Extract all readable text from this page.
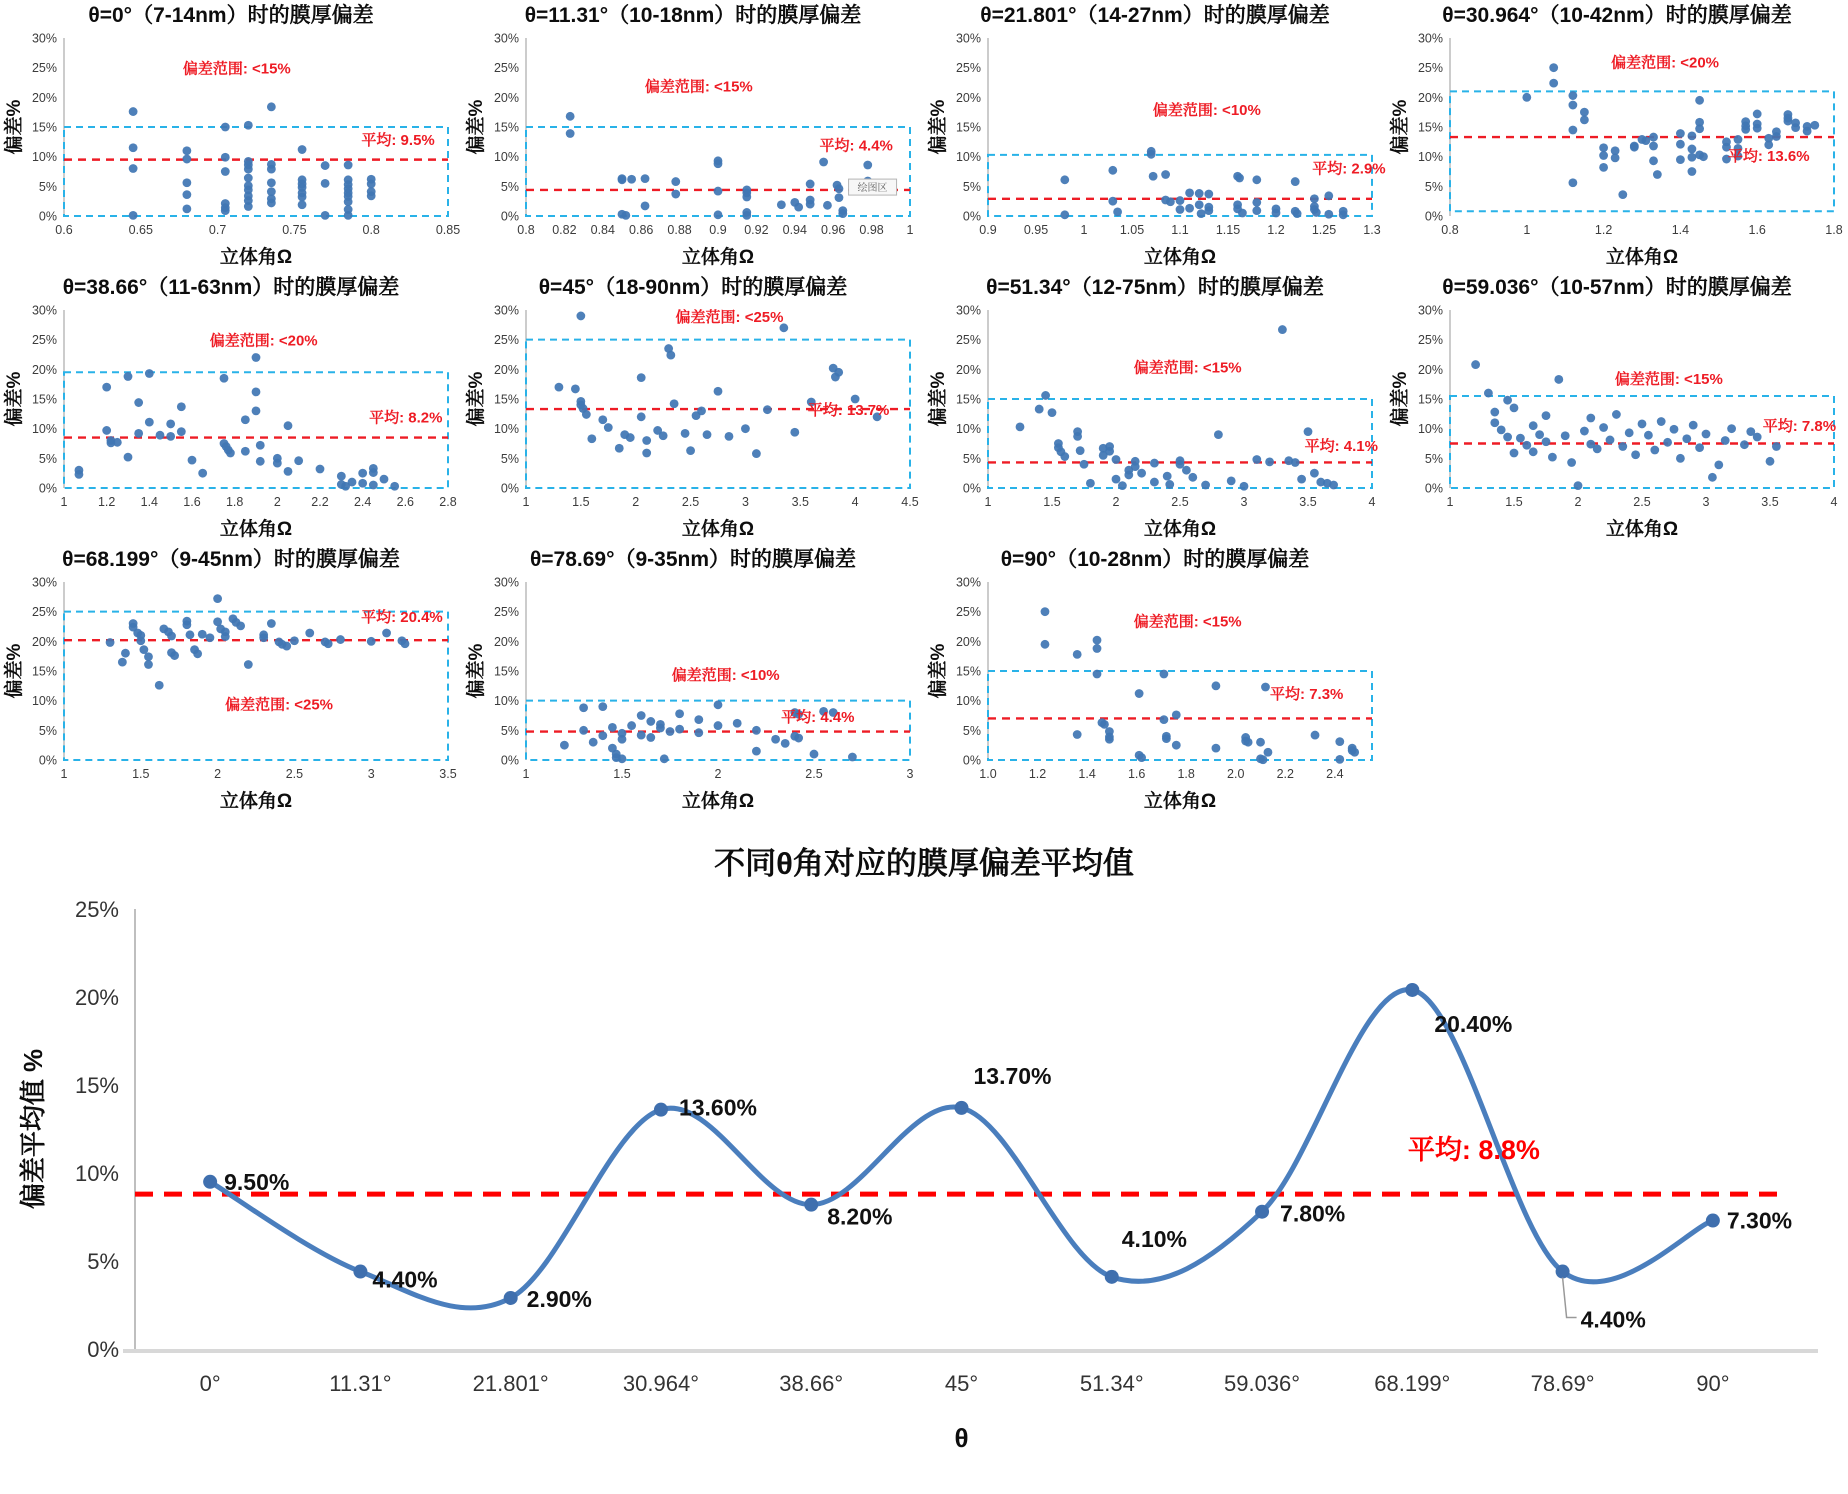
θ=0°（7-14nm）时的膜厚偏差
0%
5%
10%
15%
20%
25%
30%
0.6	0.65	0.7	0.75	0.8	0.85
偏差范围: <15%
平均: 9.5%
立体角Ω
偏差%
θ=11.31°（10-18nm）时的膜厚偏差
0%
5%
10%
15%
20%
25%
30%
0.8 0.82 0.84 0.86 0.88 0.9 0.92 0.94 0.96 0.98 1
偏差范围: <15%
平均: 4.4%
绘图区
立体角Ω
偏差%
θ=21.801°（14-27nm）时的膜厚偏差
0%
5%
10%
15%
20%
25%
30%
0.9 0.95	1	1.05 1.1 1.15 1.2 1.25 1.3
偏差范围: <10%
平均: 2.9%
立体角Ω
偏差%
θ=30.964°（10-42nm）时的膜厚偏差
0%
5%
10%
15%
20%
25%
30%
0.8	1	1.2	1.4	1.6	1.8
偏差范围: <20%
平均: 13.6%
立体角Ω
偏差%
θ=38.66°（11-63nm）时的膜厚偏差
0%
5%
10%
15%
20%
25%
30%
1 1.2 1.4 1.6 1.8 2 2.2 2.4 2.6 2.8
偏差范围: <20%
平均: 8.2%
立体角Ω
偏差%
θ=45°（18-90nm）时的膜厚偏差
0%
5%
10%
15%
20%
25%
30%
1	1.5	2	2.5	3	3.5	4	4.5
偏差范围: <25%
平均: 13.7%
立体角Ω
偏差%
θ=51.34°（12-75nm）时的膜厚偏差
0%
5%
10%
15%
20%
25%
30%
1	1.5	2	2.5	3	3.5	4
偏差范围: <15%
平均: 4.1%
立体角Ω
偏差%
θ=59.036°（10-57nm）时的膜厚偏差
0%
5%
10%
15%
20%
25%
30%
1	1.5	2	2.5	3	3.5	4
偏差范围: <15%
平均: 7.8%
立体角Ω
偏差%
θ=68.199°（9-45nm）时的膜厚偏差
0%
5%
10%
15%
20%
25%
30%
1	1.5	2	2.5	3	3.5
偏差范围: <25%
平均: 20.4%
立体角Ω
偏差%
θ=78.69°（9-35nm）时的膜厚偏差
0%
5%
10%
15%
20%
25%
30%
1	1.5	2	2.5	3
偏差范围: <10%
平均: 4.4%
立体角Ω
偏差%
θ=90°（10-28nm）时的膜厚偏差
0%
5%
10%
15%
20%
25%
30%
1.0	1.2	1.4	1.6	1.8	2.0	2.2	2.4
偏差范围: <15%
平均: 7.3%
立体角Ω
偏差%
不同θ角对应的膜厚偏差平均值
0%
5%
10%
15%
20%
25%
0°	11.31°	21.801°	30.964°	38.66°	45°	51.34°	59.036°	68.199°	78.69°	90°
9.50%
4.40%
2.90%
13.60%
8.20%
13.70%
4.10%
7.80%
20.40%
4.40%
7.30%
平均: 8.8%
θ
偏差平均值 %
